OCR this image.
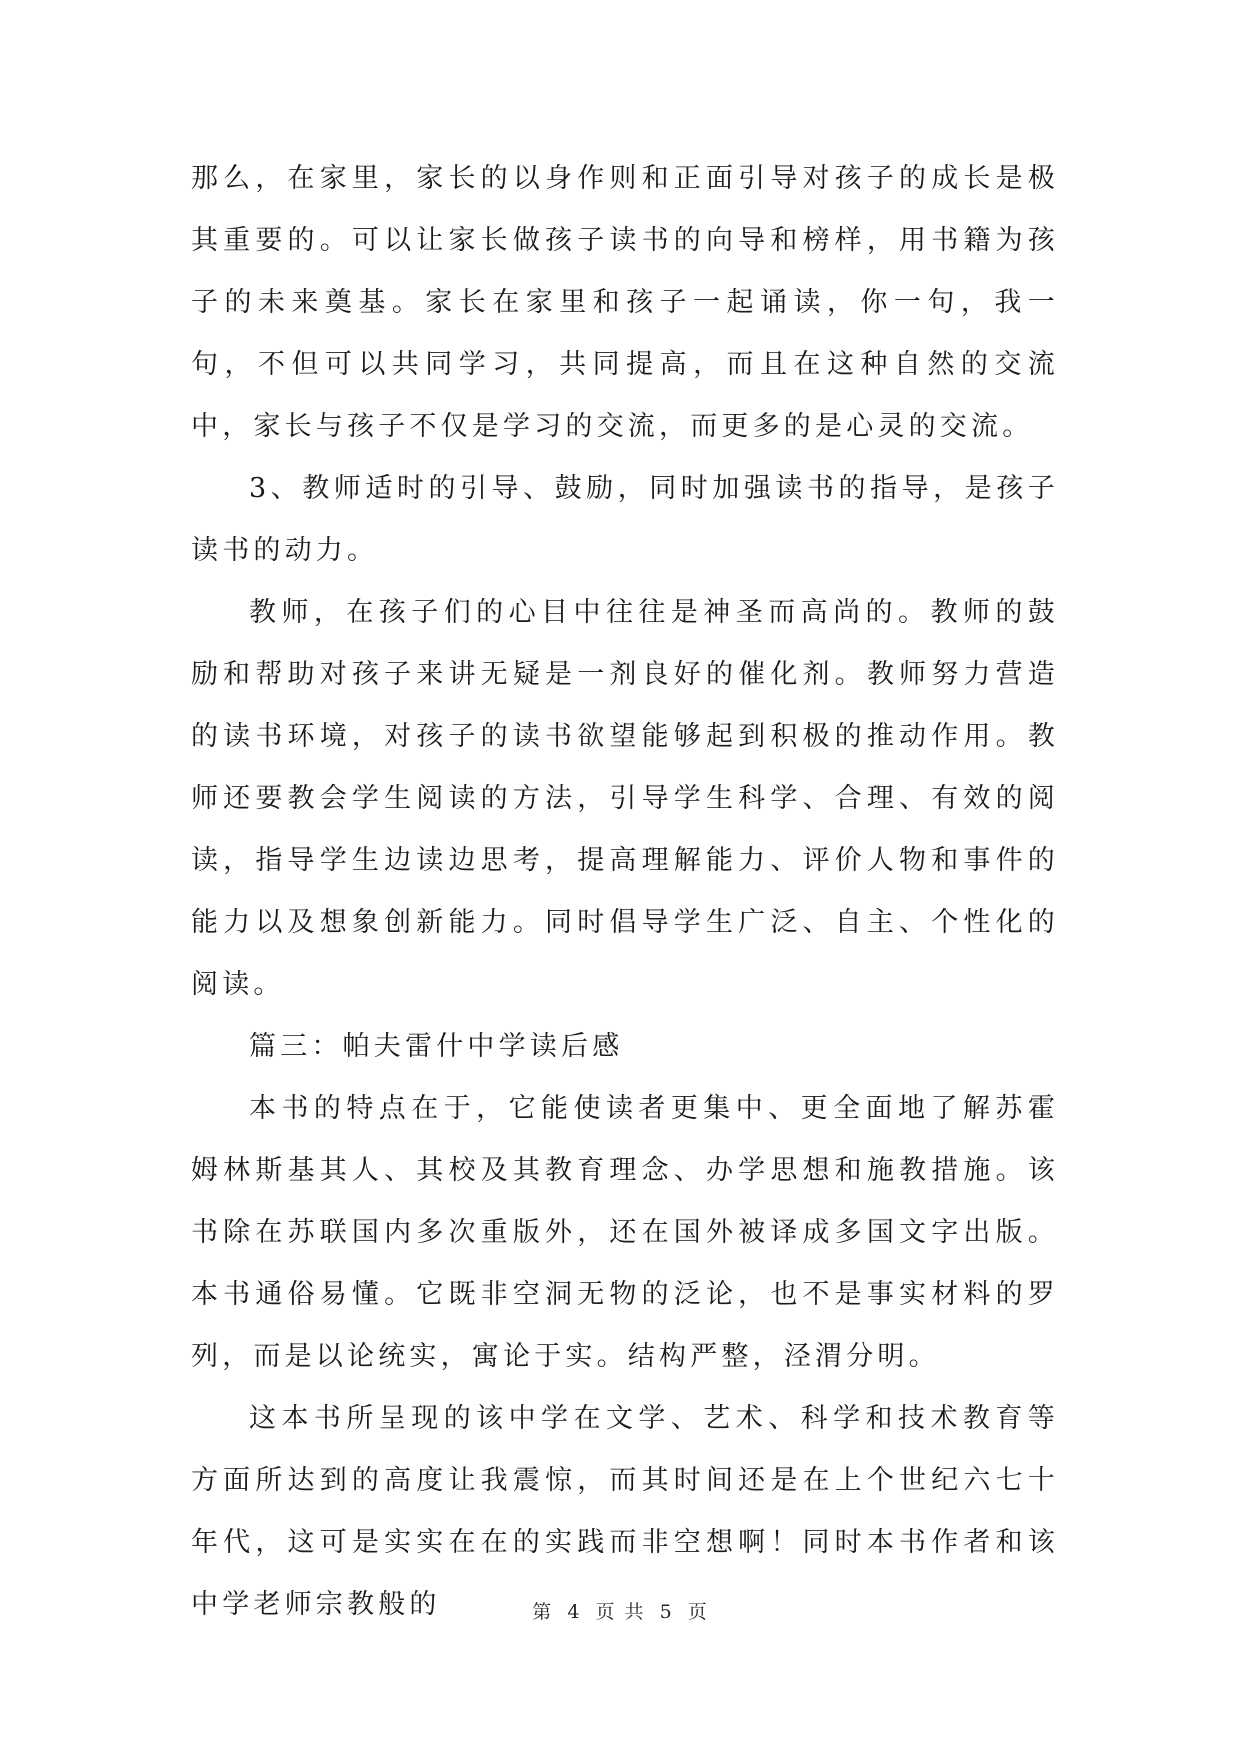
那么，在家里，家长的以身作则和正面引导对孩子的成长是极其重要的。可以让家长做孩子读书的向导和榜样，用书籍为孩子的未来奠基。家长在家里和孩子一起诵读，你一句，我一句，不但可以共同学习，共同提高，而且在这种自然的交流中，家长与孩子不仅是学习的交流，而更多的是心灵的交流。

3、教师适时的引导、鼓励，同时加强读书的指导，是孩子读书的动力。

教师，在孩子们的心目中往往是神圣而高尚的。教师的鼓励和帮助对孩子来讲无疑是一剂良好的催化剂。教师努力营造的读书环境，对孩子的读书欲望能够起到积极的推动作用。教师还要教会学生阅读的方法，引导学生科学、合理、有效的阅读，指导学生边读边思考，提高理解能力、评价人物和事件的能力以及想象创新能力。同时倡导学生广泛、自主、个性化的阅读。

篇三：帕夫雷什中学读后感

本书的特点在于，它能使读者更集中、更全面地了解苏霍姆林斯基其人、其校及其教育理念、办学思想和施教措施。该书除在苏联国内多次重版外，还在国外被译成多国文字出版。本书通俗易懂。它既非空洞无物的泛论，也不是事实材料的罗列，而是以论统实，寓论于实。结构严整，泾渭分明。

这本书所呈现的该中学在文学、艺术、科学和技术教育等方面所达到的高度让我震惊，而其时间还是在上个世纪六七十年代，这可是实实在在的实践而非空想啊！同时本书作者和该中学老师宗教般的	第 4 页 共 5 页
